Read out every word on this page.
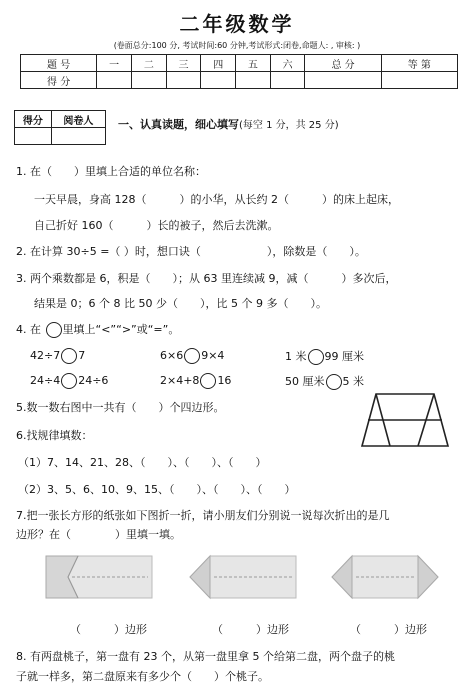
二年级数学
(卷面总分:100 分, 考试时间:60 分钟,考试形式:闭卷,命题人: , 审核: )
题 号	一	二	三	四	五	六	总 分	等 第
得 分								
得分	阅卷人
	一、认真读题，细心填写(每空 1 分，共 25 分)
1. 在（　　）里填上合适的单位名称：
一天早晨，身高 128（　　　）的小华，从长约 2（　　　）的床上起床，
自己折好 160（　　　）长的被子，然后去洗漱。
2. 在计算 30÷5 =（ ）时，想口诀（　　　　　　），除数是（　　）。
3. 两个乘数都是 6，积是（　　）；从 63 里连续减 9，减（　　　）多次后，
结果是 0；6 个 8 比 50 少（　　），比 5 个 9 多（　　）。
4. 在 里填上“<”“>”或“=”。
42÷7 7	6×6 9×4	1 米 99 厘米
24÷4 24÷6	2×4+8 16	50 厘米 5 米
5.数一数右图中一共有（　　）个四边形。
6.找规律填数：
（1）7、14、21、28、（　　）、（　　）、（　　）
（2）3、5、6、10、9、15、（　　）、（　　）、（　　）
7.把一张长方形的纸张如下图折一折，请小朋友们分别说一说每次折出的是几
边形？在（	）里填一填。
（　　　）边形	（　　　）边形	（　　　）边形
8. 有两盘桃子，第一盘有 23 个，从第一盘里拿 5 个给第二盘，两个盘子的桃
子就一样多，第二盘原来有多少个（　　）个桃子。
